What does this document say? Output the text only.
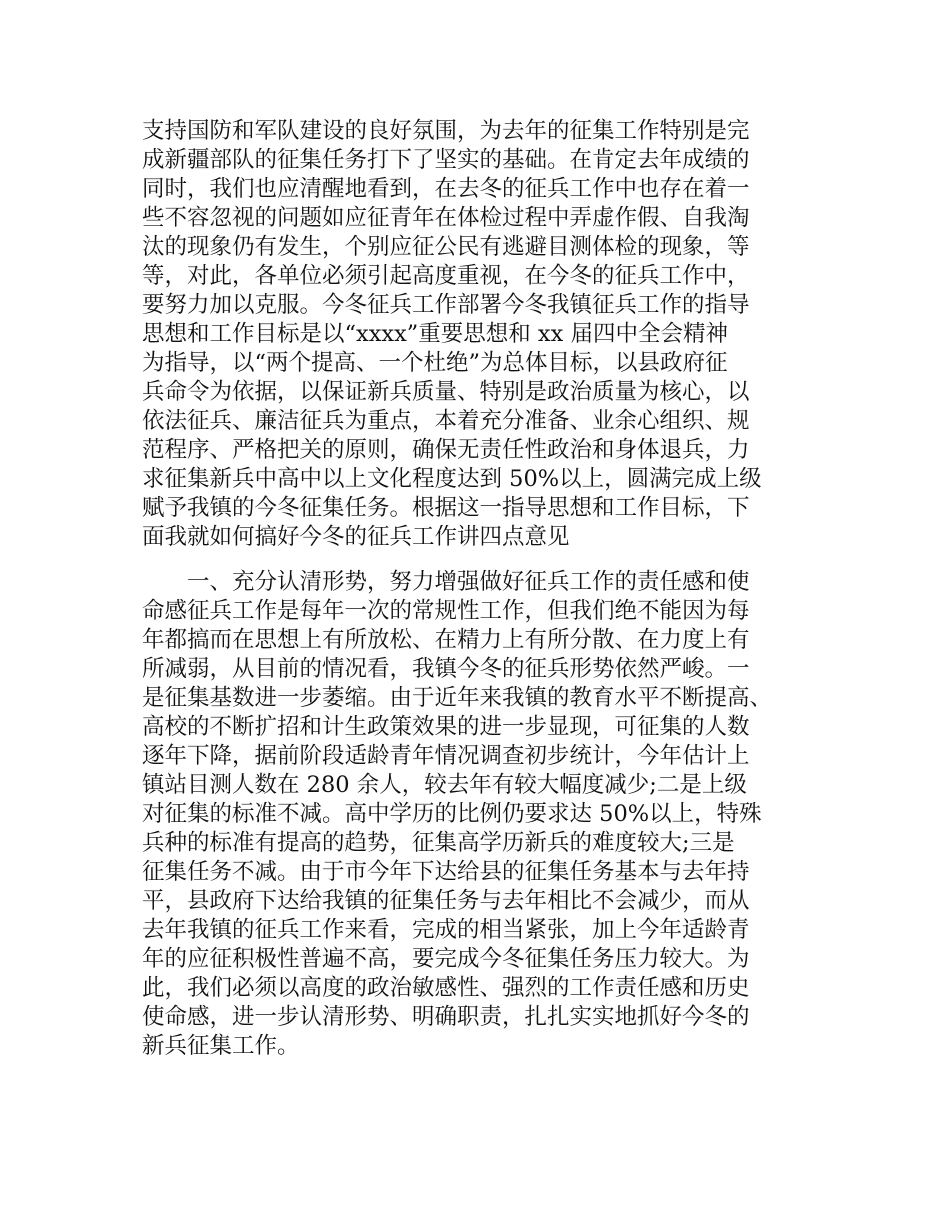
支持国防和军队建设的良好氛围，为去年的征集工作特别是完
成新疆部队的征集任务打下了坚实的基础。在肯定去年成绩的
同时，我们也应清醒地看到，在去冬的征兵工作中也存在着一
些不容忽视的问题如应征青年在体检过程中弄虚作假、自我淘
汰的现象仍有发生，个别应征公民有逃避目测体检的现象，等
等，对此，各单位必须引起高度重视，在今冬的征兵工作中，
要努力加以克服。今冬征兵工作部署今冬我镇征兵工作的指导
思想和工作目标是以“xxxx”重要思想和 xx 届四中全会精神
为指导，以“两个提高、一个杜绝”为总体目标，以县政府征
兵命令为依据，以保证新兵质量、特别是政治质量为核心，以
依法征兵、廉洁征兵为重点，本着充分准备、业余心组织、规
范程序、严格把关的原则，确保无责任性政治和身体退兵，力
求征集新兵中高中以上文化程度达到 50%以上，圆满完成上级
赋予我镇的今冬征集任务。根据这一指导思想和工作目标，下
面我就如何搞好今冬的征兵工作讲四点意见
　　一、充分认清形势，努力增强做好征兵工作的责任感和使
命感征兵工作是每年一次的常规性工作，但我们绝不能因为每
年都搞而在思想上有所放松、在精力上有所分散、在力度上有
所减弱，从目前的情况看，我镇今冬的征兵形势依然严峻。一
是征集基数进一步萎缩。由于近年来我镇的教育水平不断提高、
高校的不断扩招和计生政策效果的进一步显现，可征集的人数
逐年下降，据前阶段适龄青年情况调查初步统计，今年估计上
镇站目测人数在 280 余人，较去年有较大幅度减少;二是上级
对征集的标准不减。高中学历的比例仍要求达 50%以上，特殊
兵种的标准有提高的趋势，征集高学历新兵的难度较大;三是
征集任务不减。由于市今年下达给县的征集任务基本与去年持
平，县政府下达给我镇的征集任务与去年相比不会减少，而从
去年我镇的征兵工作来看，完成的相当紧张，加上今年适龄青
年的应征积极性普遍不高，要完成今冬征集任务压力较大。为
此，我们必须以高度的政治敏感性、强烈的工作责任感和历史
使命感，进一步认清形势、明确职责，扎扎实实地抓好今冬的
新兵征集工作。
